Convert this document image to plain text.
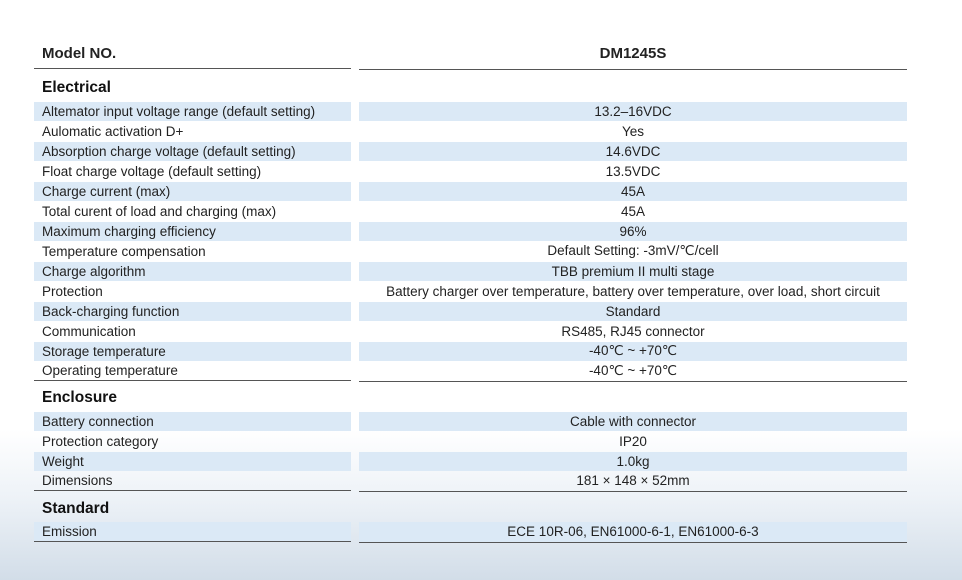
Model NO.	DM1245S
Electrical
Altemator input voltage range (default setting)	13.2–16VDC
Aulomatic activation D+	Yes
Absorption charge voltage (default setting)	14.6VDC
Float charge voltage (default setting)	13.5VDC
Charge current (max)	45A
Total curent of load and charging (max)	45A
Maximum charging efficiency	96%
Temperature compensation	Default Setting: -3mV/℃/cell
Charge algorithm	TBB premium II multi stage
Protection	Battery charger over temperature, battery over temperature, over load, short circuit
Back-charging function	Standard
Communication	RS485, RJ45 connector
Storage temperature	-40℃ ~ +70℃
Operating temperature	-40℃ ~ +70℃
Enclosure
Battery connection	Cable with connector
Protection category	IP20
Weight	1.0kg
Dimensions	181 × 148 × 52mm
Standard
Emission	ECE 10R-06, EN61000-6-1, EN61000-6-3
